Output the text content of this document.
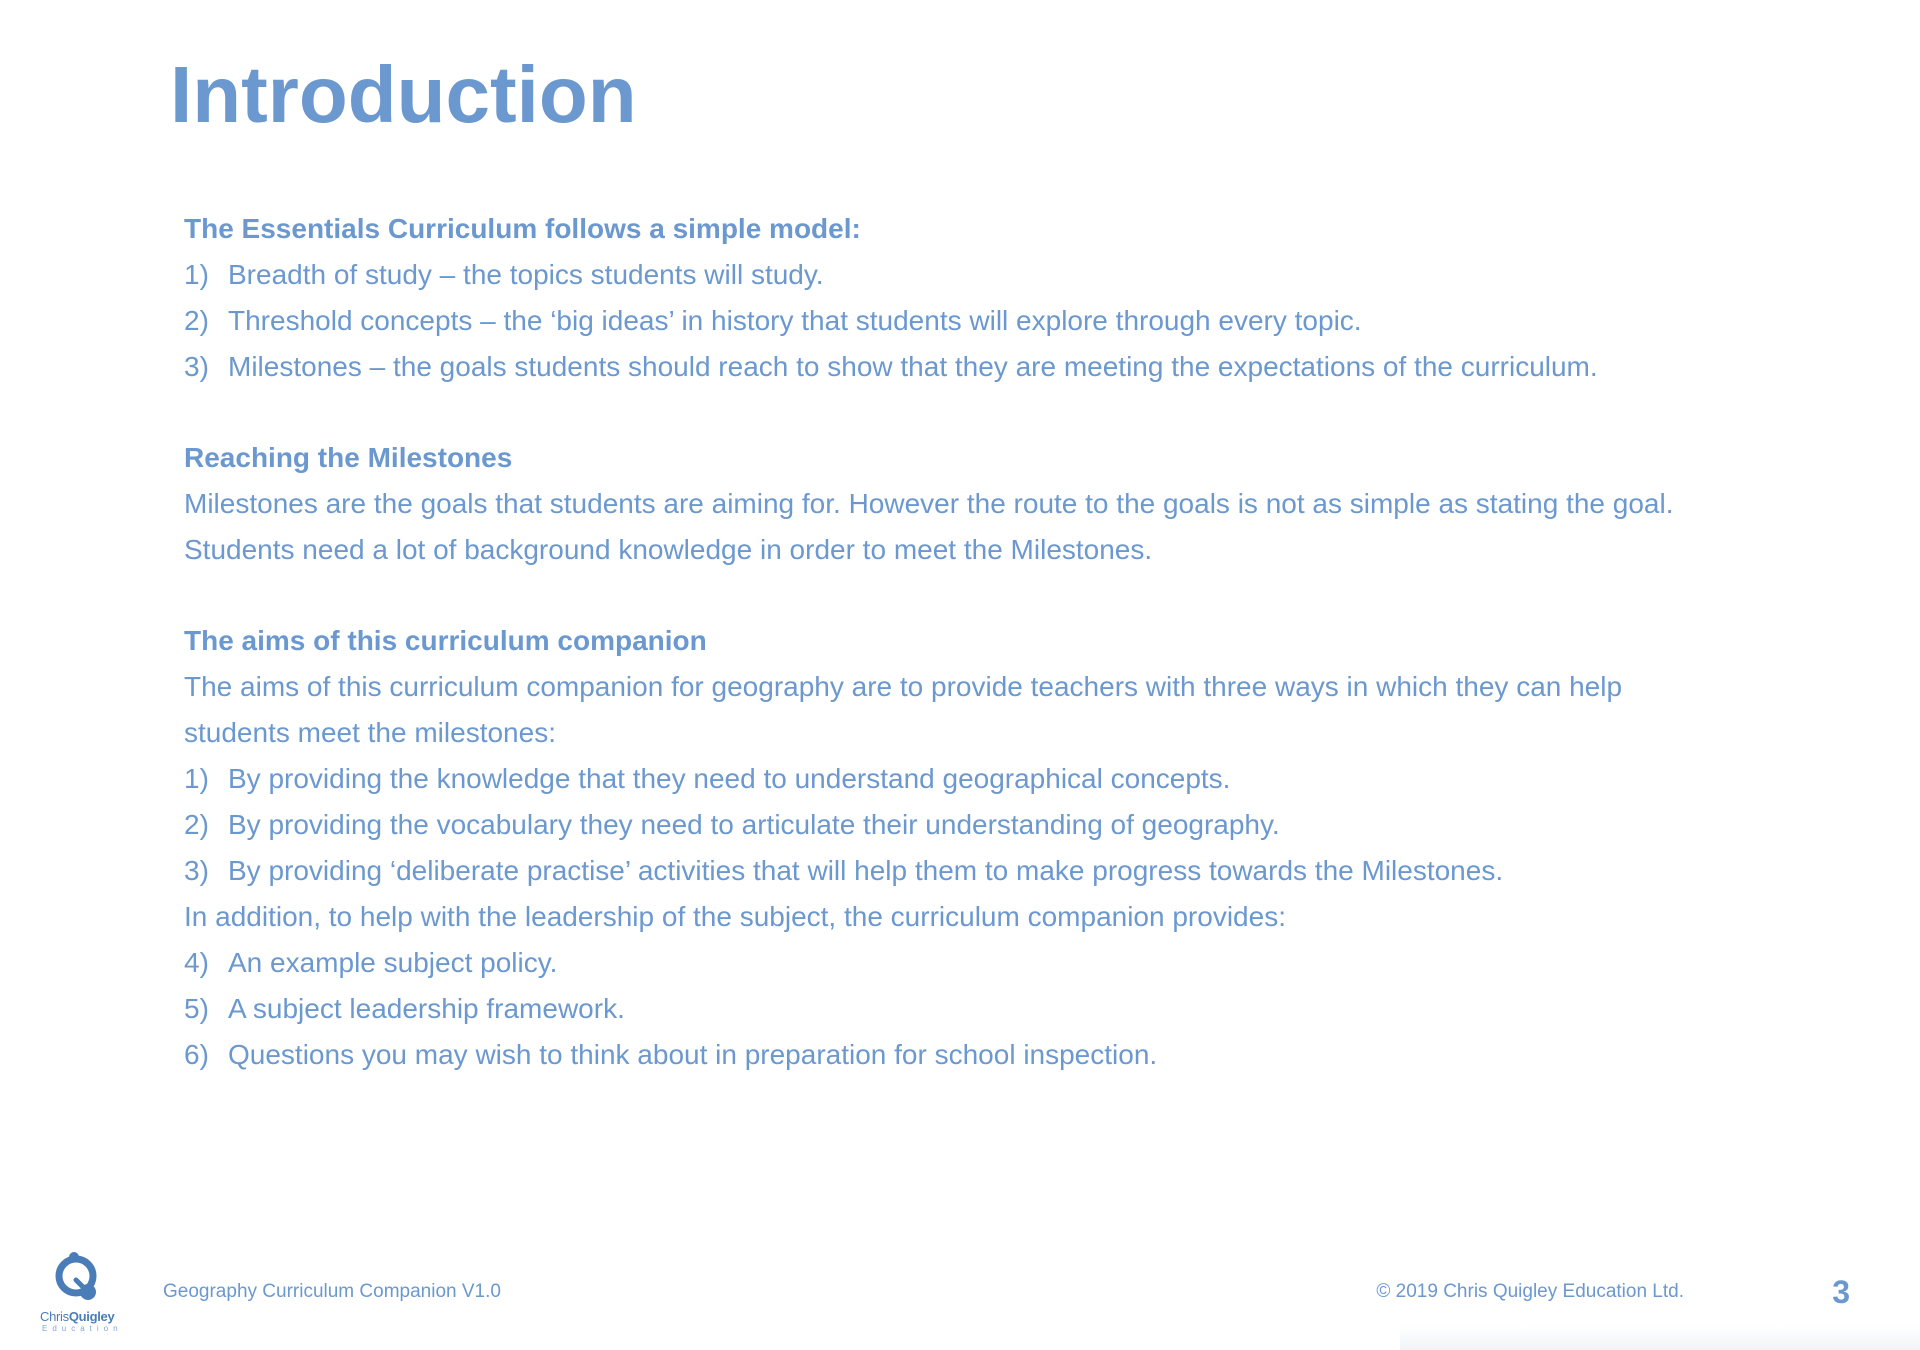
Introduction

The Essentials Curriculum follows a simple model:

1) Breadth of study – the topics students will study.
2) Threshold concepts – the ‘big ideas’ in history that students will explore through every topic.
3) Milestones – the goals students should reach to show that they are meeting the expectations of the curriculum.

Reaching the Milestones

Milestones are the goals that students are aiming for. However the route to the goals is not as simple as stating the goal.

Students need a lot of background knowledge in order to meet the Milestones.

The aims of this curriculum companion

The aims of this curriculum companion for geography are to provide teachers with three ways in which they can help

students meet the milestones:

1) By providing the knowledge that they need to understand geographical concepts.
2) By providing the vocabulary they need to articulate their understanding of geography.
3) By providing ‘deliberate practise’ activities that will help them to make progress towards the Milestones.

In addition, to help with the leadership of the subject, the curriculum companion provides:

4) An example subject policy.
5) A subject leadership framework.
6) Questions you may wish to think about in preparation for school inspection.
ChrisQuigley
Education
Geography Curriculum Companion V1.0	© 2019 Chris Quigley Education Ltd.	3
